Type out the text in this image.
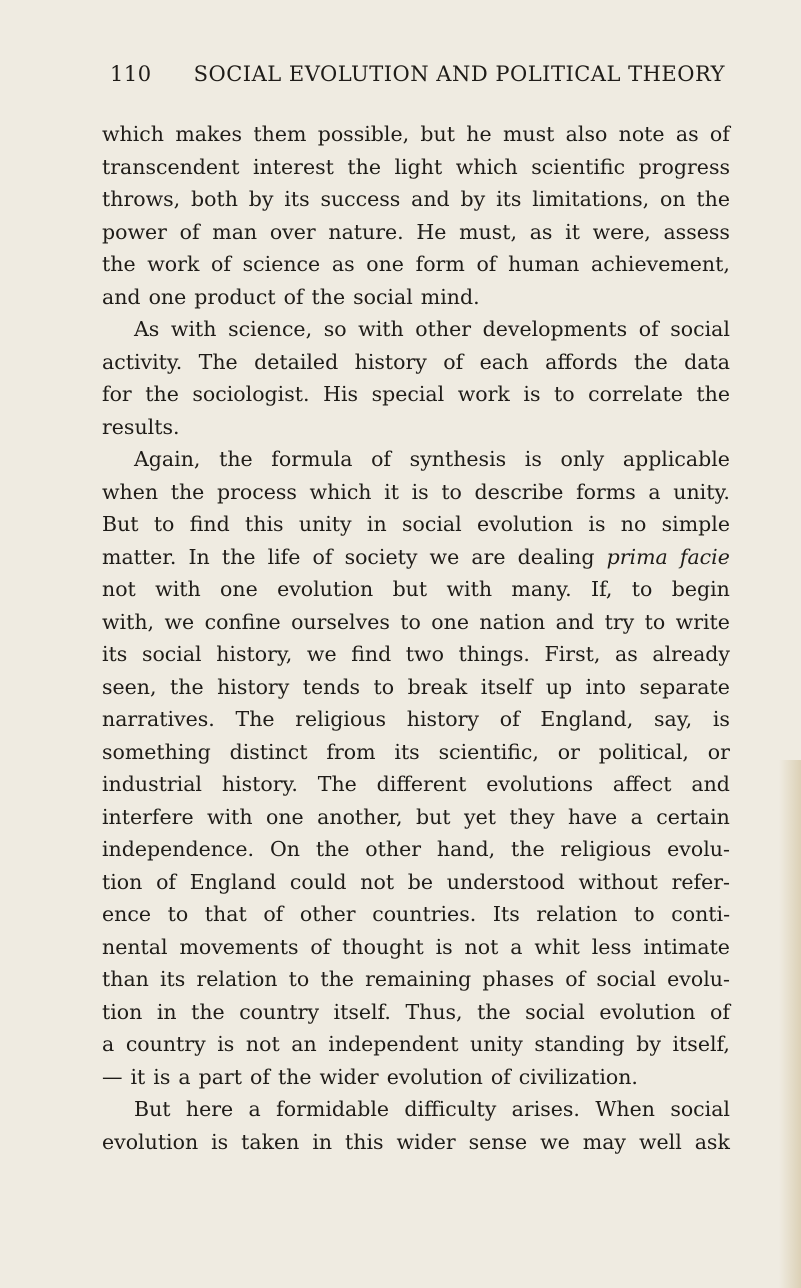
110 SOCIAL EVOLUTION AND POLITICAL THEORY
which makes them possible, but he must also note as of
transcendent interest the light which scientific progress
throws, both by its success and by its limitations, on the
power of man over nature. He must, as it were, assess
the work of science as one form of human achievement,
and one product of the social mind.
As with science, so with other developments of social
activity. The detailed history of each affords the data
for the sociologist. His special work is to correlate the
results.
Again, the formula of synthesis is only applicable
when the process which it is to describe forms a unity.
But to find this unity in social evolution is no simple
matter. In the life of society we are dealing prima facie
not with one evolution but with many. If, to begin
with, we confine ourselves to one nation and try to write
its social history, we find two things. First, as already
seen, the history tends to break itself up into separate
narratives. The religious history of England, say, is
something distinct from its scientific, or political, or
industrial history. The different evolutions affect and
interfere with one another, but yet they have a certain
independence. On the other hand, the religious evolu-
tion of England could not be understood without refer-
ence to that of other countries. Its relation to conti-
nental movements of thought is not a whit less intimate
than its relation to the remaining phases of social evolu-
tion in the country itself. Thus, the social evolution of
a country is not an independent unity standing by itself,
— it is a part of the wider evolution of civilization.
But here a formidable difficulty arises. When social
evolution is taken in this wider sense we may well ask
